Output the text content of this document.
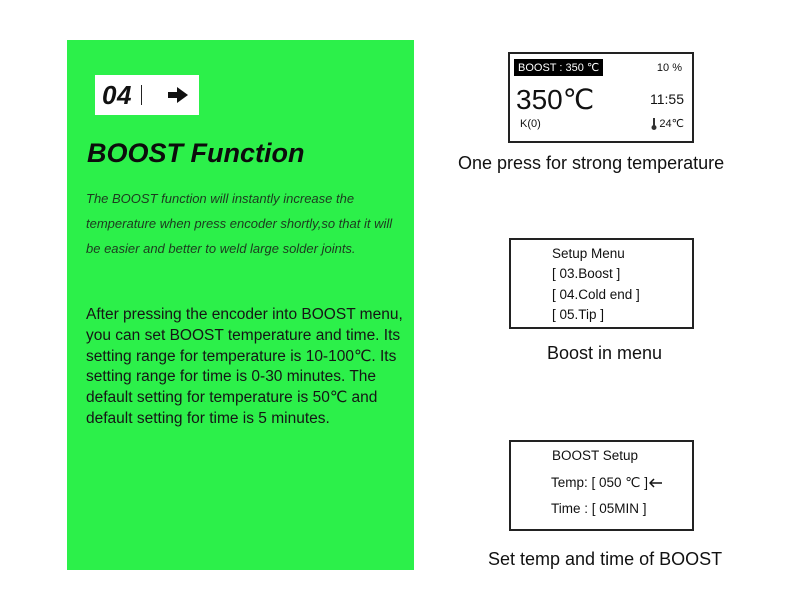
04
BOOST Function
The BOOST function will instantly increase the temperature when press encoder shortly,so that it will be easier and better to weld large solder joints.
After pressing the encoder into BOOST menu, you can set BOOST temperature and time. Its setting range for temperature is 10-100℃. Its setting range for time is 0-30 minutes. The default setting for temperature is 50℃ and default setting for time is 5 minutes.
BOOST : 350 ℃	10 %
350℃	11:55
K(0)	24℃
One press for strong temperature
Setup Menu
[ 03.Boost ]
[ 04.Cold end ]
[ 05.Tip ]
Boost in menu
BOOST Setup
Temp: [ 050 ℃ ]
Time : [ 05MIN ]
Set temp and time of BOOST
